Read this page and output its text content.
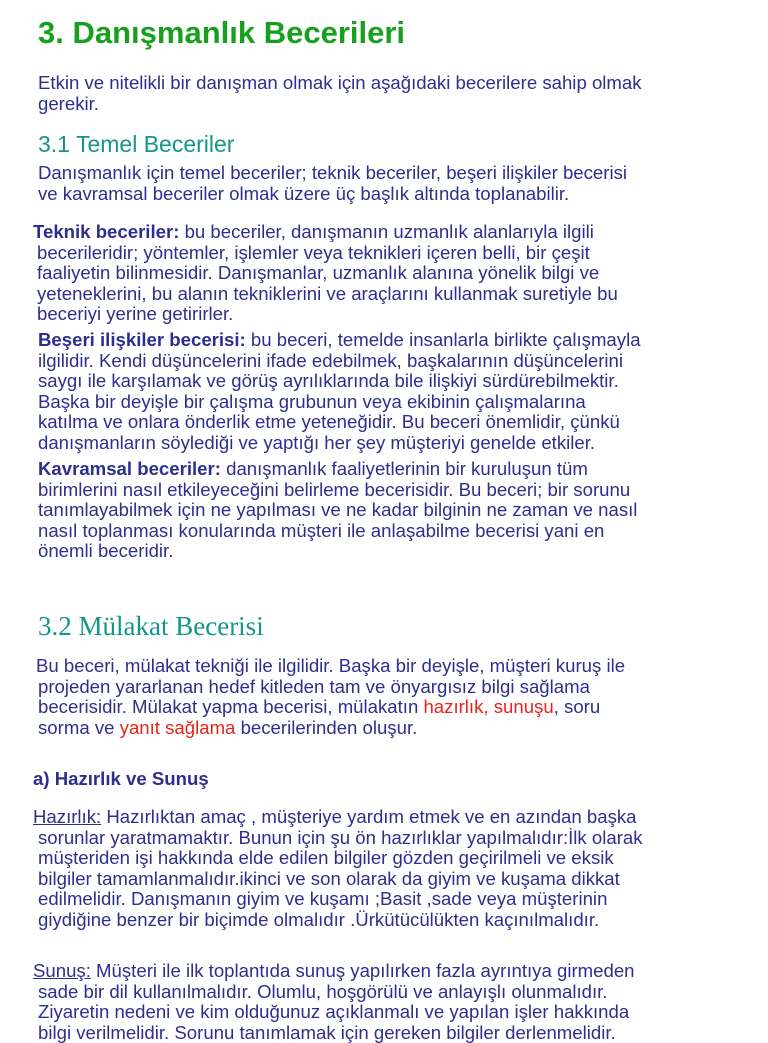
3. Danışmanlık Becerileri
Etkin ve nitelikli bir danışman olmak için aşağıdaki becerilere sahip olmak
gerekir.
3.1 Temel Beceriler
Danışmanlık için temel beceriler; teknik beceriler, beşeri ilişkiler becerisi
ve kavramsal beceriler olmak üzere üç başlık altında toplanabilir.
Teknik beceriler: bu beceriler, danışmanın uzmanlık alanlarıyla ilgili
becerileridir; yöntemler, işlemler veya teknikleri içeren belli, bir çeşit
faaliyetin bilinmesidir. Danışmanlar, uzmanlık alanına yönelik bilgi ve
yeteneklerini, bu alanın tekniklerini ve araçlarını kullanmak suretiyle bu
beceriyi yerine getirirler.
Beşeri ilişkiler becerisi: bu beceri, temelde insanlarla birlikte çalışmayla
ilgilidir. Kendi düşüncelerini ifade edebilmek, başkalarının düşüncelerini
saygı ile karşılamak ve görüş ayrılıklarında bile ilişkiyi sürdürebilmektir.
Başka bir deyişle bir çalışma grubunun veya ekibinin çalışmalarına
katılma ve onlara önderlik etme yeteneğidir. Bu beceri önemlidir, çünkü
danışmanların söylediği ve yaptığı her şey müşteriyi genelde etkiler.
Kavramsal beceriler: danışmanlık faaliyetlerinin bir kuruluşun tüm
birimlerini nasıl etkileyeceğini belirleme becerisidir. Bu beceri; bir sorunu
tanımlayabilmek için ne yapılması ve ne kadar bilginin ne zaman ve nasıl
nasıl toplanması konularında müşteri ile anlaşabilme becerisi yani en
önemli beceridir.
3.2 Mülakat Becerisi
Bu beceri, mülakat tekniği ile ilgilidir. Başka bir deyişle, müşteri kuruş ile
projeden yararlanan hedef kitleden tam ve önyargısız bilgi sağlama
becerisidir. Mülakat yapma becerisi, mülakatın hazırlık, sunuşu, soru
sorma ve yanıt sağlama becerilerinden oluşur.
a) Hazırlık ve Sunuş
Hazırlık: Hazırlıktan amaç , müşteriye yardım etmek ve en azından başka
sorunlar yaratmamaktır. Bunun için şu ön hazırlıklar yapılmalıdır:İlk olarak
müşteriden işi hakkında elde edilen bilgiler gözden geçirilmeli ve eksik
bilgiler tamamlanmalıdır.ikinci ve son olarak da giyim ve kuşama dikkat
edilmelidir. Danışmanın giyim ve kuşamı ;Basit ,sade veya müşterinin
giydiğine benzer bir biçimde olmalıdır .Ürkütücülükten kaçınılmalıdır.
Sunuş: Müşteri ile ilk toplantıda sunuş yapılırken fazla ayrıntıya girmeden
sade bir dil kullanılmalıdır. Olumlu, hoşgörülü ve anlayışlı olunmalıdır.
Ziyaretin nedeni ve kim olduğunuz açıklanmalı ve yapılan işler hakkında
bilgi verilmelidir. Sorunu tanımlamak için gereken bilgiler derlenmelidir.
